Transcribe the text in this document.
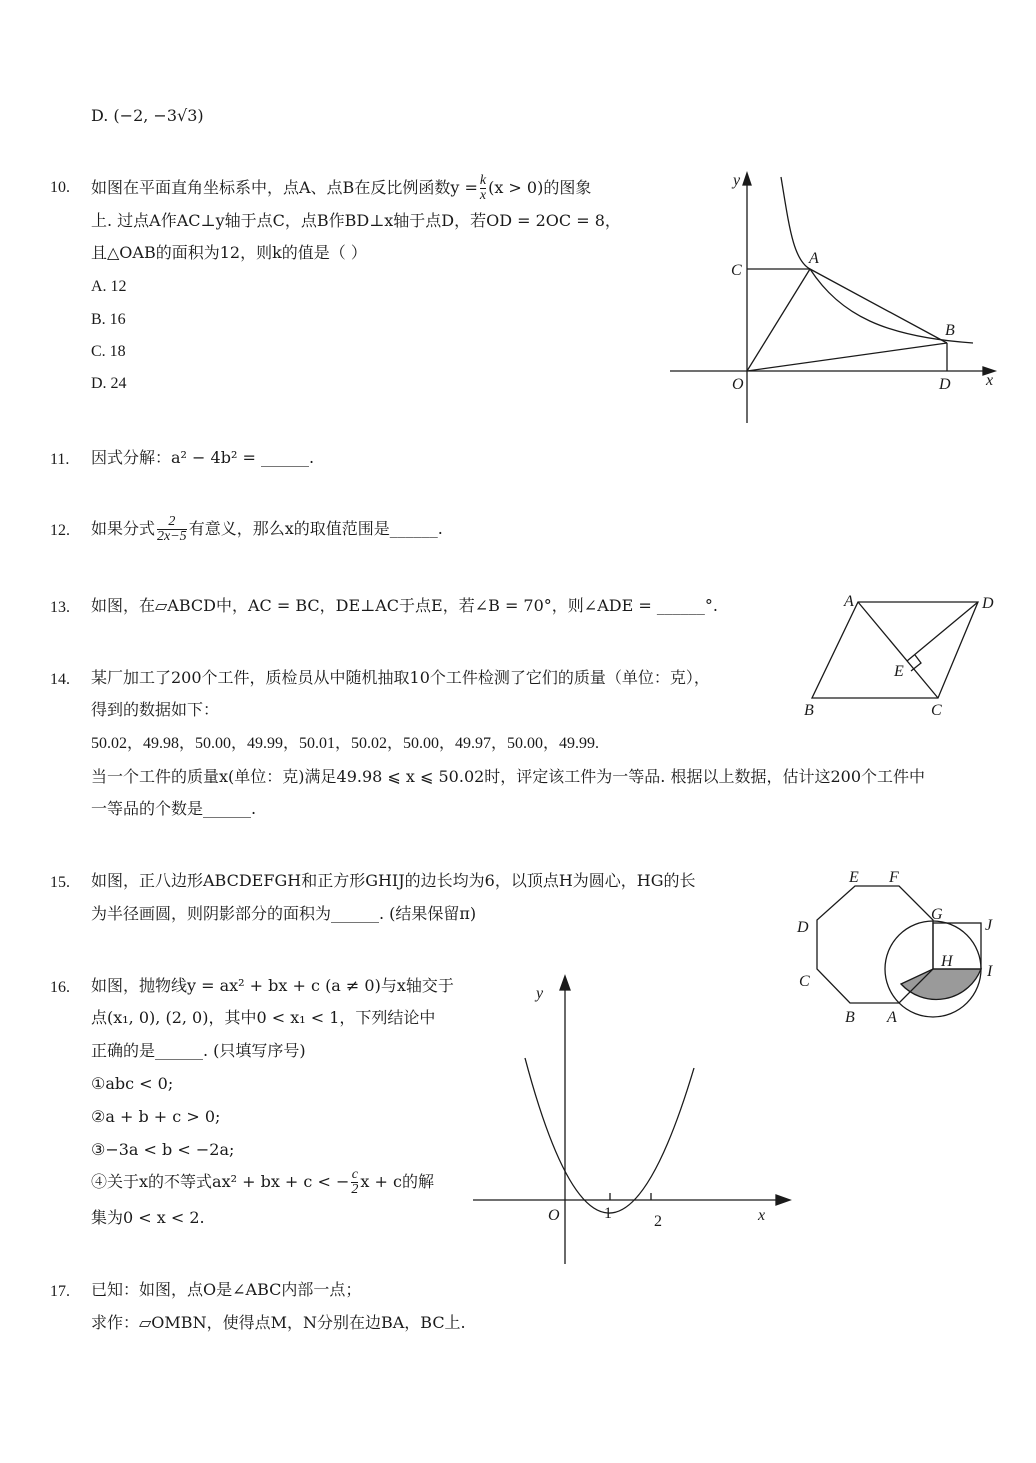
D. (−2, −3√3)
10. 如图在平面直角坐标系中，点A、点B在反比例函数$y = \frac{k}{x} (x > 0)$的图象
上. 过点A作AC⊥y轴于点C，点B作BD⊥x轴于点D，若OD = 2OC = 8，
且△OAB的面积为12，则k的值是（ ）
A. 12
B. 16
C. 18
D. 24
y
C
A
B
O	D x
11. 因式分解：a² − 4b² = ______.
12. 如果分式 $\frac{2}{2x-5}$ 有意义，那么x的取值范围是______.
13. 如图，在▱ABCD中，AC = BC，DE⊥AC于点E，若∠B = 70°，则∠ADE = ______°.	A	D
E
B	C
14. 某厂加工了200个工件，质检员从中随机抽取10个工件检测了它们的质量（单位：克），
得到的数据如下：
50.02，49.98，50.00，49.99，50.01，50.02，50.00，49.97，50.00，49.99.
当一个工件的质量x(单位：克)满足49.98 ⩽ x ⩽ 50.02时，评定该工件为一等品. 根据以上数据，估计这200个工件中
一等品的个数是______.
15. 如图，正八边形ABCDEFGH和正方形GHIJ的边长均为6，以顶点H为圆心，HG的长
为半径画圆，则阴影部分的面积为______. (结果保留π)
E F
D
G
J
H
C
I
B A
16. 如图，抛物线y = ax² + bx + c (a ≠ 0)与x轴交于
点(x₁, 0), (2, 0)，其中0 < x₁ < 1，下列结论中
正确的是______. (只填写序号)
①abc < 0;
②a + b + c > 0;
③−3a < b < −2a;
④关于x的不等式ax² + bx + c < − $\frac{c}{2}$ x + c的解
集为0 < x < 2.
y
O	1	2	x
17. 已知：如图，点O是∠ABC内部一点；
求作：▱OMBN，使得点M，N分别在边BA，BC上.
